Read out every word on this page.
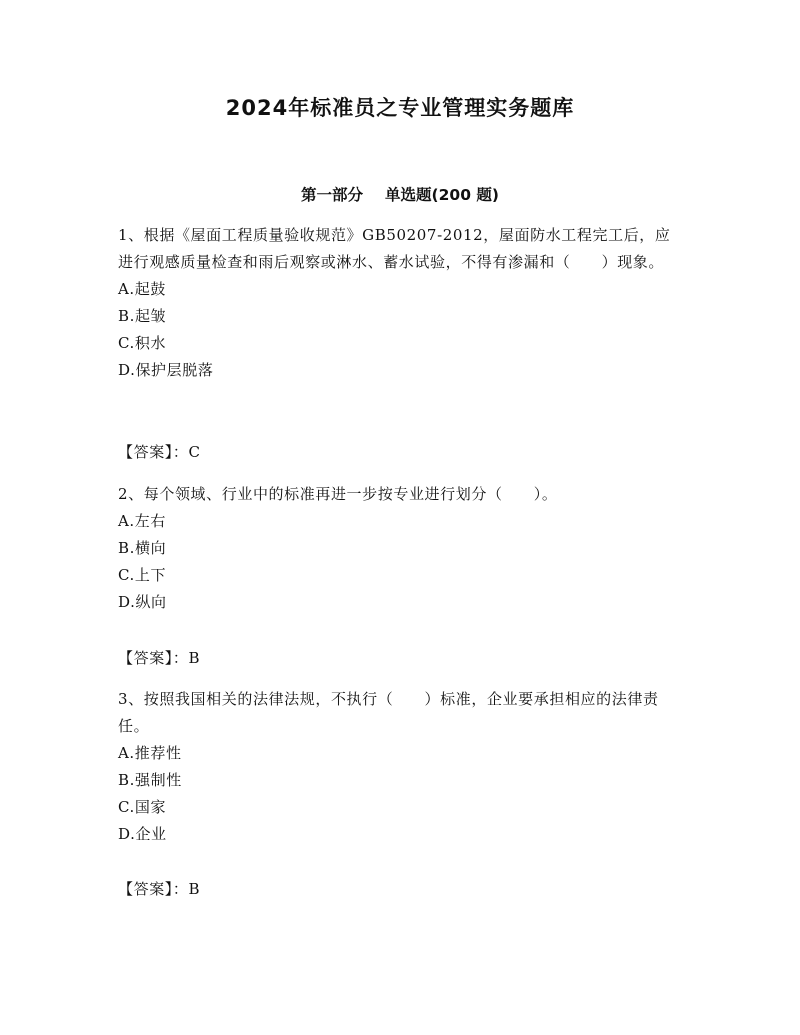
2024年标准员之专业管理实务题库
第一部分 单选题(200 题)

1、根据《屋面工程质量验收规范》GB50207-2012，屋面防水工程完工后，应进行观感质量检查和雨后观察或淋水、蓄水试验，不得有渗漏和（　　）现象。

A.起鼓

B.起皱

C.积水

D.保护层脱落

【答案】：C

2、每个领域、行业中的标准再进一步按专业进行划分（　　）。

A.左右

B.横向

C.上下

D.纵向

【答案】：B

3、按照我国相关的法律法规，不执行（　　）标准，企业要承担相应的法律责任。

A.推荐性

B.强制性

C.国家

D.企业

【答案】：B
